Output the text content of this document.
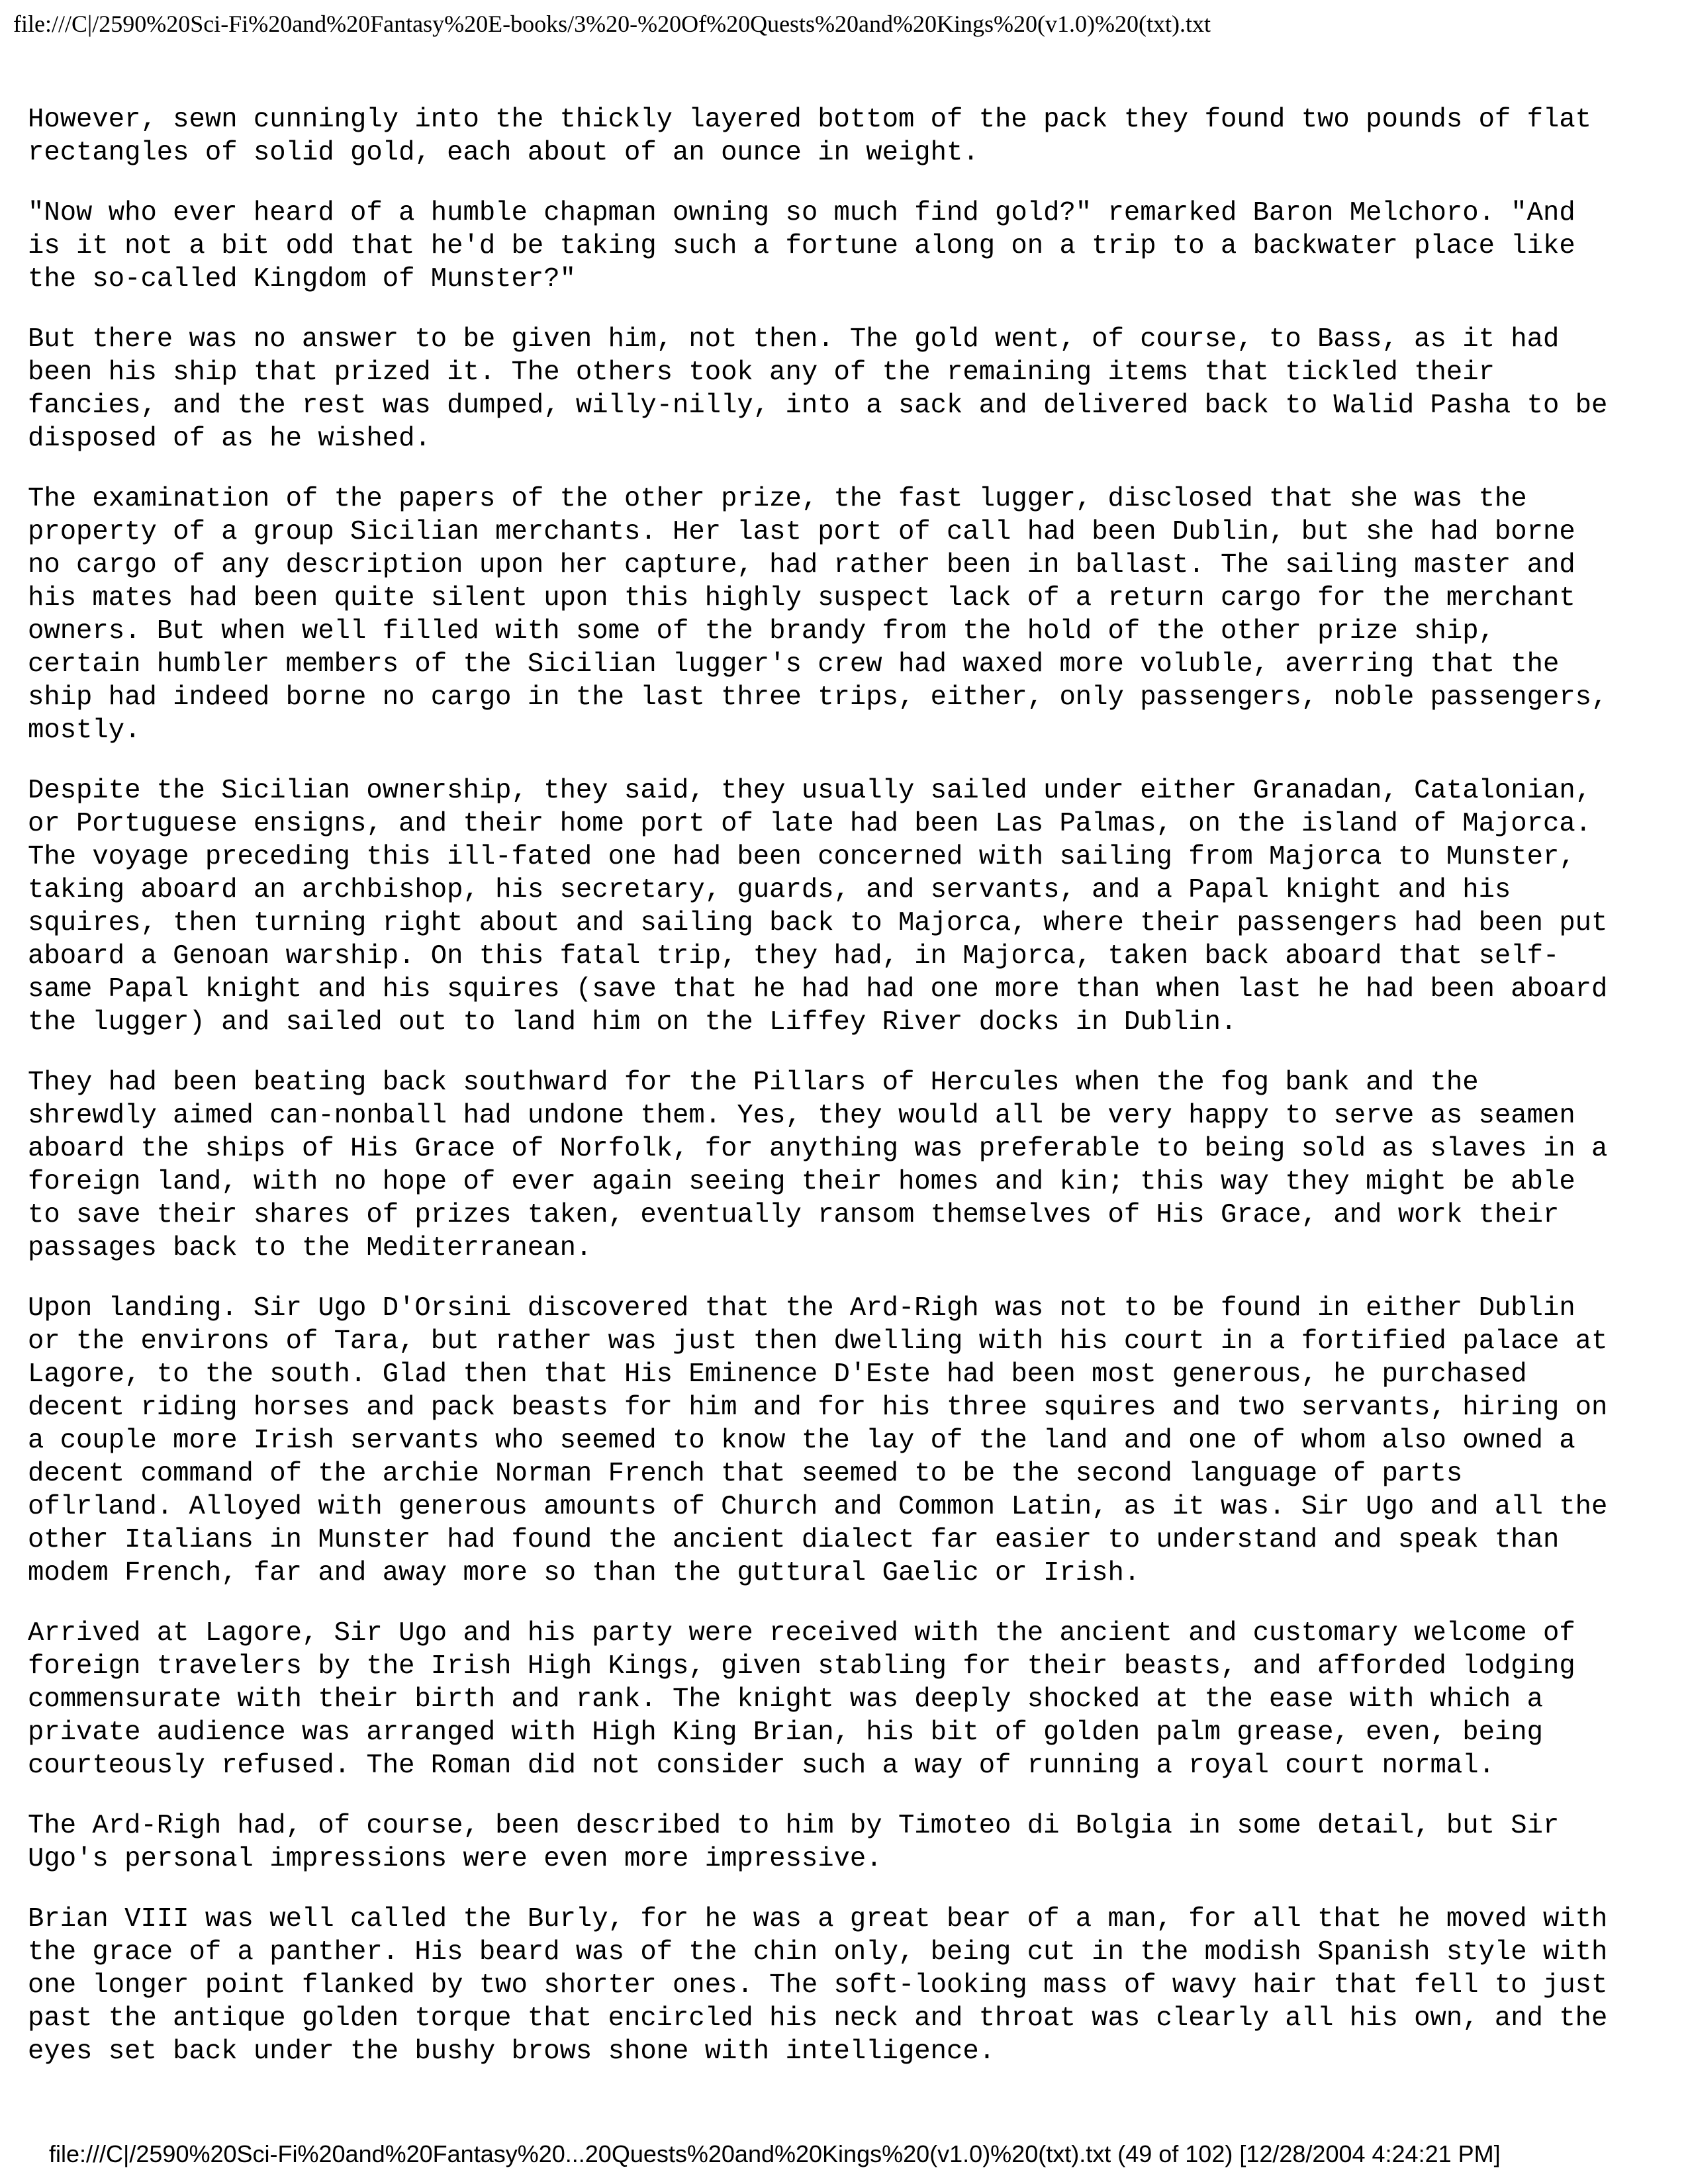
file:///C|/2590%20Sci-Fi%20and%20Fantasy%20E-books/3%20-%20Of%20Quests%20and%20Kings%20(v1.0)%20(txt).txt

However, sewn cunningly into the thickly layered bottom of the pack they found two pounds of flat
rectangles of solid gold, each about of an ounce in weight.

"Now who ever heard of a humble chapman owning so much find gold?" remarked Baron Melchoro. "And
is it not a bit odd that he'd be taking such a fortune along on a trip to a backwater place like
the so-called Kingdom of Munster?"

But there was no answer to be given him, not then. The gold went, of course, to Bass, as it had
been his ship that prized it. The others took any of the remaining items that tickled their
fancies, and the rest was dumped, willy-nilly, into a sack and delivered back to Walid Pasha to be
disposed of as he wished.

The examination of the papers of the other prize, the fast lugger, disclosed that she was the
property of a group Sicilian merchants. Her last port of call had been Dublin, but she had borne
no cargo of any description upon her capture, had rather been in ballast. The sailing master and
his mates had been quite silent upon this highly suspect lack of a return cargo for the merchant
owners. But when well filled with some of the brandy from the hold of the other prize ship,
certain humbler members of the Sicilian lugger's crew had waxed more voluble, averring that the
ship had indeed borne no cargo in the last three trips, either, only passengers, noble passengers,
mostly.

Despite the Sicilian ownership, they said, they usually sailed under either Granadan, Catalonian,
or Portuguese ensigns, and their home port of late had been Las Palmas, on the island of Majorca.
The voyage preceding this ill-fated one had been concerned with sailing from Majorca to Munster,
taking aboard an archbishop, his secretary, guards, and servants, and a Papal knight and his
squires, then turning right about and sailing back to Majorca, where their passengers had been put
aboard a Genoan warship. On this fatal trip, they had, in Majorca, taken back aboard that self-
same Papal knight and his squires (save that he had had one more than when last he had been aboard
the lugger) and sailed out to land him on the Liffey River docks in Dublin.

They had been beating back southward for the Pillars of Hercules when the fog bank and the
shrewdly aimed can-nonball had undone them. Yes, they would all be very happy to serve as seamen
aboard the ships of His Grace of Norfolk, for anything was preferable to being sold as slaves in a
foreign land, with no hope of ever again seeing their homes and kin; this way they might be able
to save their shares of prizes taken, eventually ransom themselves of His Grace, and work their
passages back to the Mediterranean.

Upon landing. Sir Ugo D'Orsini discovered that the Ard-Righ was not to be found in either Dublin
or the environs of Tara, but rather was just then dwelling with his court in a fortified palace at
Lagore, to the south. Glad then that His Eminence D'Este had been most generous, he purchased
decent riding horses and pack beasts for him and for his three squires and two servants, hiring on
a couple more Irish servants who seemed to know the lay of the land and one of whom also owned a
decent command of the archie Norman French that seemed to be the second language of parts
oflrland. Alloyed with generous amounts of Church and Common Latin, as it was. Sir Ugo and all the
other Italians in Munster had found the ancient dialect far easier to understand and speak than
modem French, far and away more so than the guttural Gaelic or Irish.

Arrived at Lagore, Sir Ugo and his party were received with the ancient and customary welcome of
foreign travelers by the Irish High Kings, given stabling for their beasts, and afforded lodging
commensurate with their birth and rank. The knight was deeply shocked at the ease with which a
private audience was arranged with High King Brian, his bit of golden palm grease, even, being
courteously refused. The Roman did not consider such a way of running a royal court normal.

The Ard-Righ had, of course, been described to him by Timoteo di Bolgia in some detail, but Sir
Ugo's personal impressions were even more impressive.

Brian VIII was well called the Burly, for he was a great bear of a man, for all that he moved with
the grace of a panther. His beard was of the chin only, being cut in the modish Spanish style with
one longer point flanked by two shorter ones. The soft-looking mass of wavy hair that fell to just
past the antique golden torque that encircled his neck and throat was clearly all his own, and the
eyes set back under the bushy brows shone with intelligence.

file:///C|/2590%20Sci-Fi%20and%20Fantasy%20...20Quests%20and%20Kings%20(v1.0)%20(txt).txt (49 of 102) [12/28/2004 4:24:21 PM]
